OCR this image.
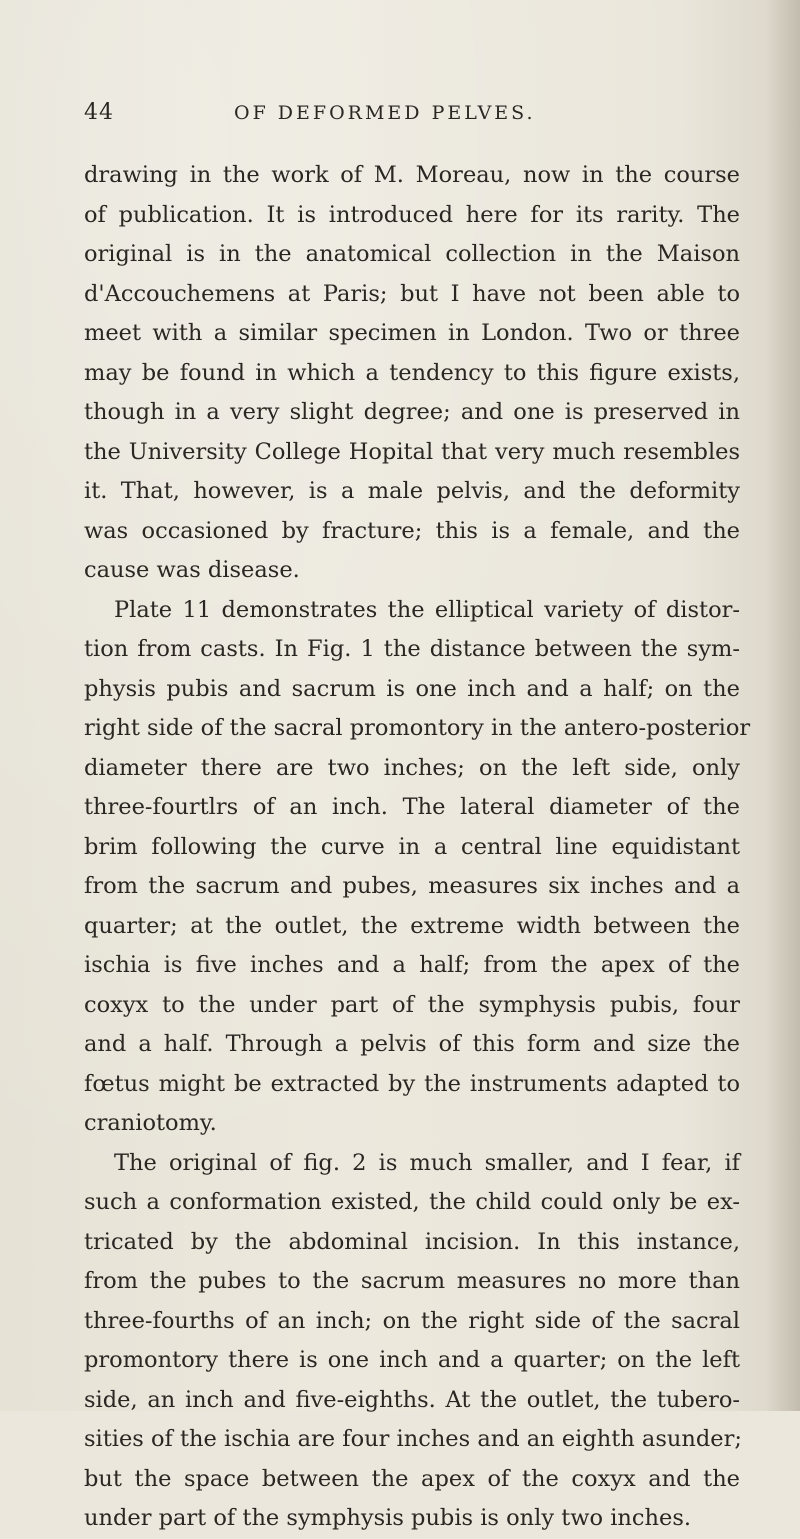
44	OF DEFORMED PELVES.
drawing in the work of M. Moreau, now in the course
of publication. It is introduced here for its rarity. The
original is in the anatomical collection in the Maison
d'Accouchemens at Paris; but I have not been able to
meet with a similar specimen in London. Two or three
may be found in which a tendency to this figure exists,
though in a very slight degree; and one is preserved in
the University College Hopital that very much resembles
it. That, however, is a male pelvis, and the deformity
was occasioned by fracture; this is a female, and the
cause was disease.
Plate 11 demonstrates the elliptical variety of distor-
tion from casts. In Fig. 1 the distance between the sym-
physis pubis and sacrum is one inch and a half; on the
right side of the sacral promontory in the antero-posterior
diameter there are two inches; on the left side, only
three-fourtlrs of an inch. The lateral diameter of the
brim following the curve in a central line equidistant
from the sacrum and pubes, measures six inches and a
quarter; at the outlet, the extreme width between the
ischia is five inches and a half; from the apex of the
coxyx to the under part of the symphysis pubis, four
and a half. Through a pelvis of this form and size the
fœtus might be extracted by the instruments adapted to
craniotomy.
The original of fig. 2 is much smaller, and I fear, if
such a conformation existed, the child could only be ex-
tricated by the abdominal incision. In this instance,
from the pubes to the sacrum measures no more than
three-fourths of an inch; on the right side of the sacral
promontory there is one inch and a quarter; on the left
side, an inch and five-eighths. At the outlet, the tubero-
sities of the ischia are four inches and an eighth asunder;
but the space between the apex of the coxyx and the
under part of the symphysis pubis is only two inches.
